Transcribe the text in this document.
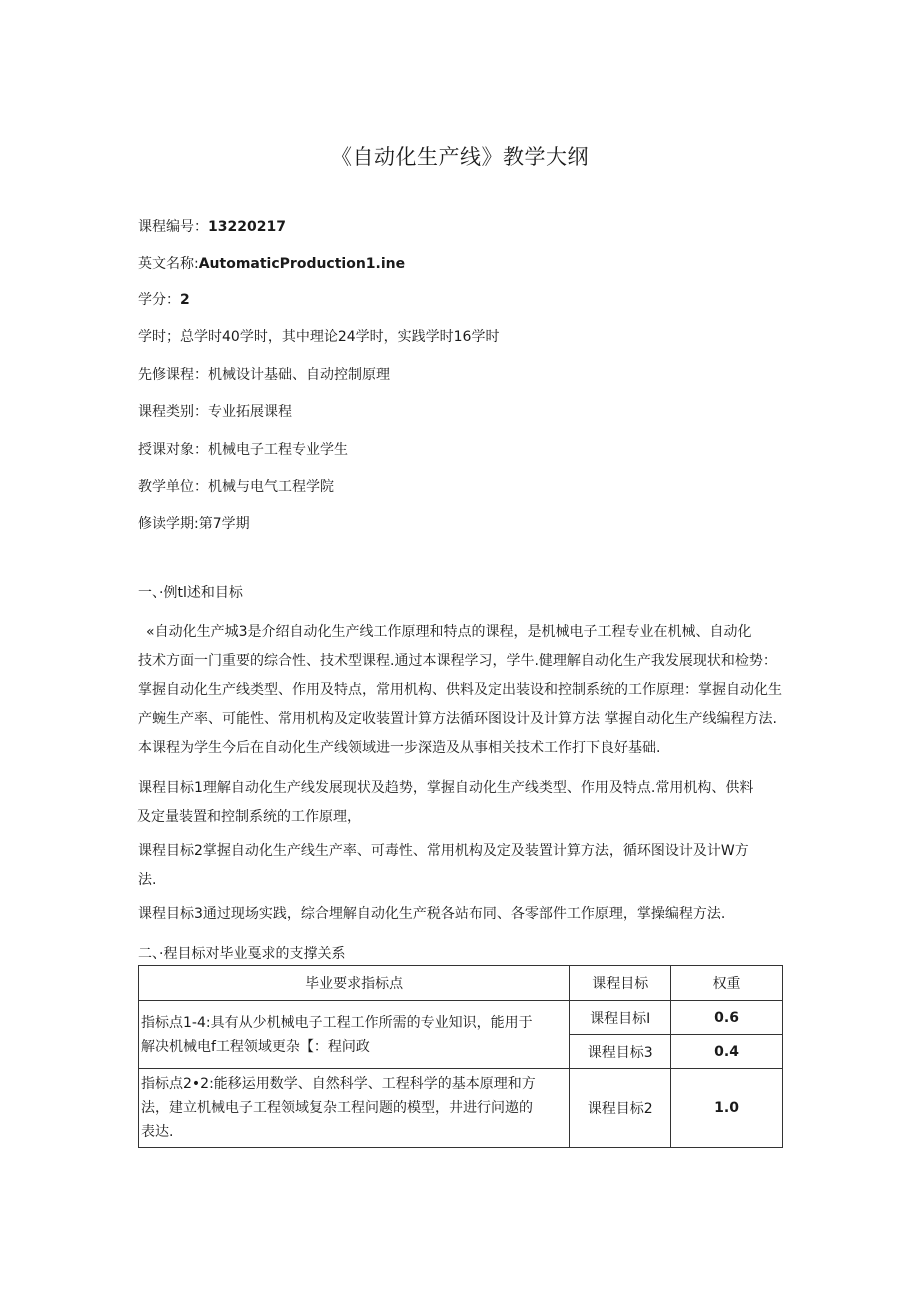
《自动化生产线》教学大纲
课程编号：13220217
英文名称:AutomaticProduction1.ine
学分：2
学时；总学时40学时，其中理论24学时，实践学时16学时
先修课程：机械设计基础、自动控制原理
课程类别：专业拓展课程
授课对象：机械电子工程专业学生
教学单位：机械与电气工程学院
修读学期:第7学期
一、·例tl述和目标
«自动化生产城3是介绍自动化生产线工作原理和特点的课程，是机械电子工程专业在机械、自动化
技术方面一门重要的综合性、技术型课程.通过本课程学习，学牛.健理解自动化生产我发展现状和检势：
掌握自动化生产线类型、作用及特点，常用机构、供料及定出装设和控制系统的工作原理：掌握自动化生
产蜿生产率、可能性、常用机构及定收装置计算方法循环图设计及计算方法 掌握自动化生产线编程方法.
本课程为学生今后在自动化生产线领域进一步深造及从事相关技术工作打下良好基础.
课程目标1理解自动化生产线发展现状及趋势，掌握自动化生产线类型、作用及特点.常用机构、供料
及定量装置和控制系统的工作原理，
课程目标2掌握自动化生产线生产率、可毒性、常用机构及定及装置计算方法，循环图设计及计W方
法.
课程目标3通过现场实践，综合埋解自动化生产税各站布同、各零部件工作原理，掌操编程方法.
二、·程目标对毕业戛求的支撑关系
毕业要求指标点	课程目标	权重

指标点1-4:具有从少机械电子工程工作所需的专业知识，能用于
解决机械电f工程领域更杂【：程问政	课程目标I	0.6
	课程目标3	0.4

指标点2•2:能移运用数学、自然科学、工程科学的基本原理和方
法，建立机械电子工程领域复杂工程问题的模型，井进行问遨的
表达.	课程目标2	1.0
